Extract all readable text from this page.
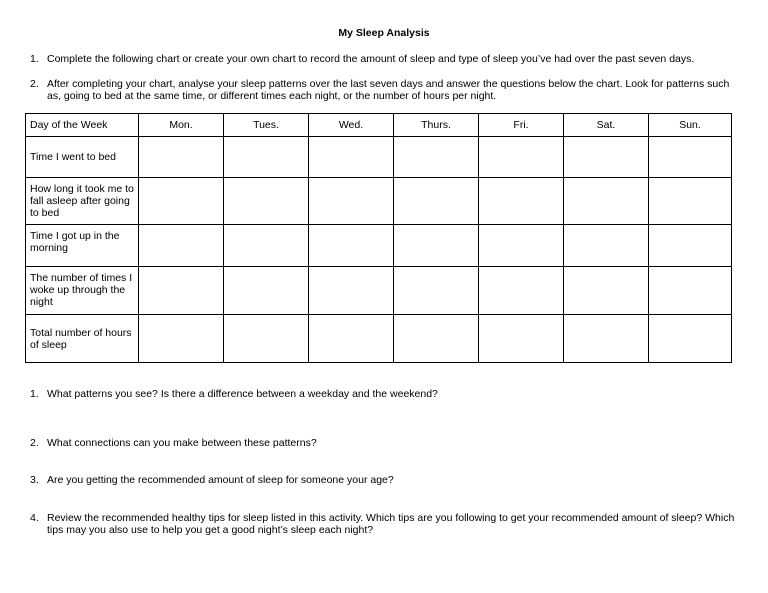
My Sleep Analysis
1. Complete the following chart or create your own chart to record the amount of sleep and type of sleep you’ve had over the past seven days.
2. After completing your chart, analyse your sleep patterns over the last seven days and answer the questions below the chart. Look for patterns such as, going to bed at the same time, or different times each night, or the number of hours per night.
Day of the Week	Mon.	Tues.	Wed.	Thurs.	Fri.	Sat.	Sun.
Time I went to bed							
How long it took me to fall asleep after going to bed							
Time I got up in the morning							
The number of times I woke up through the night							
Total number of hours of sleep							
1. What patterns you see? Is there a difference between a weekday and the weekend?
2. What connections can you make between these patterns?
3. Are you getting the recommended amount of sleep for someone your age?
4. Review the recommended healthy tips for sleep listed in this activity. Which tips are you following to get your recommended amount of sleep? Which tips may you also use to help you get a good night’s sleep each night?
